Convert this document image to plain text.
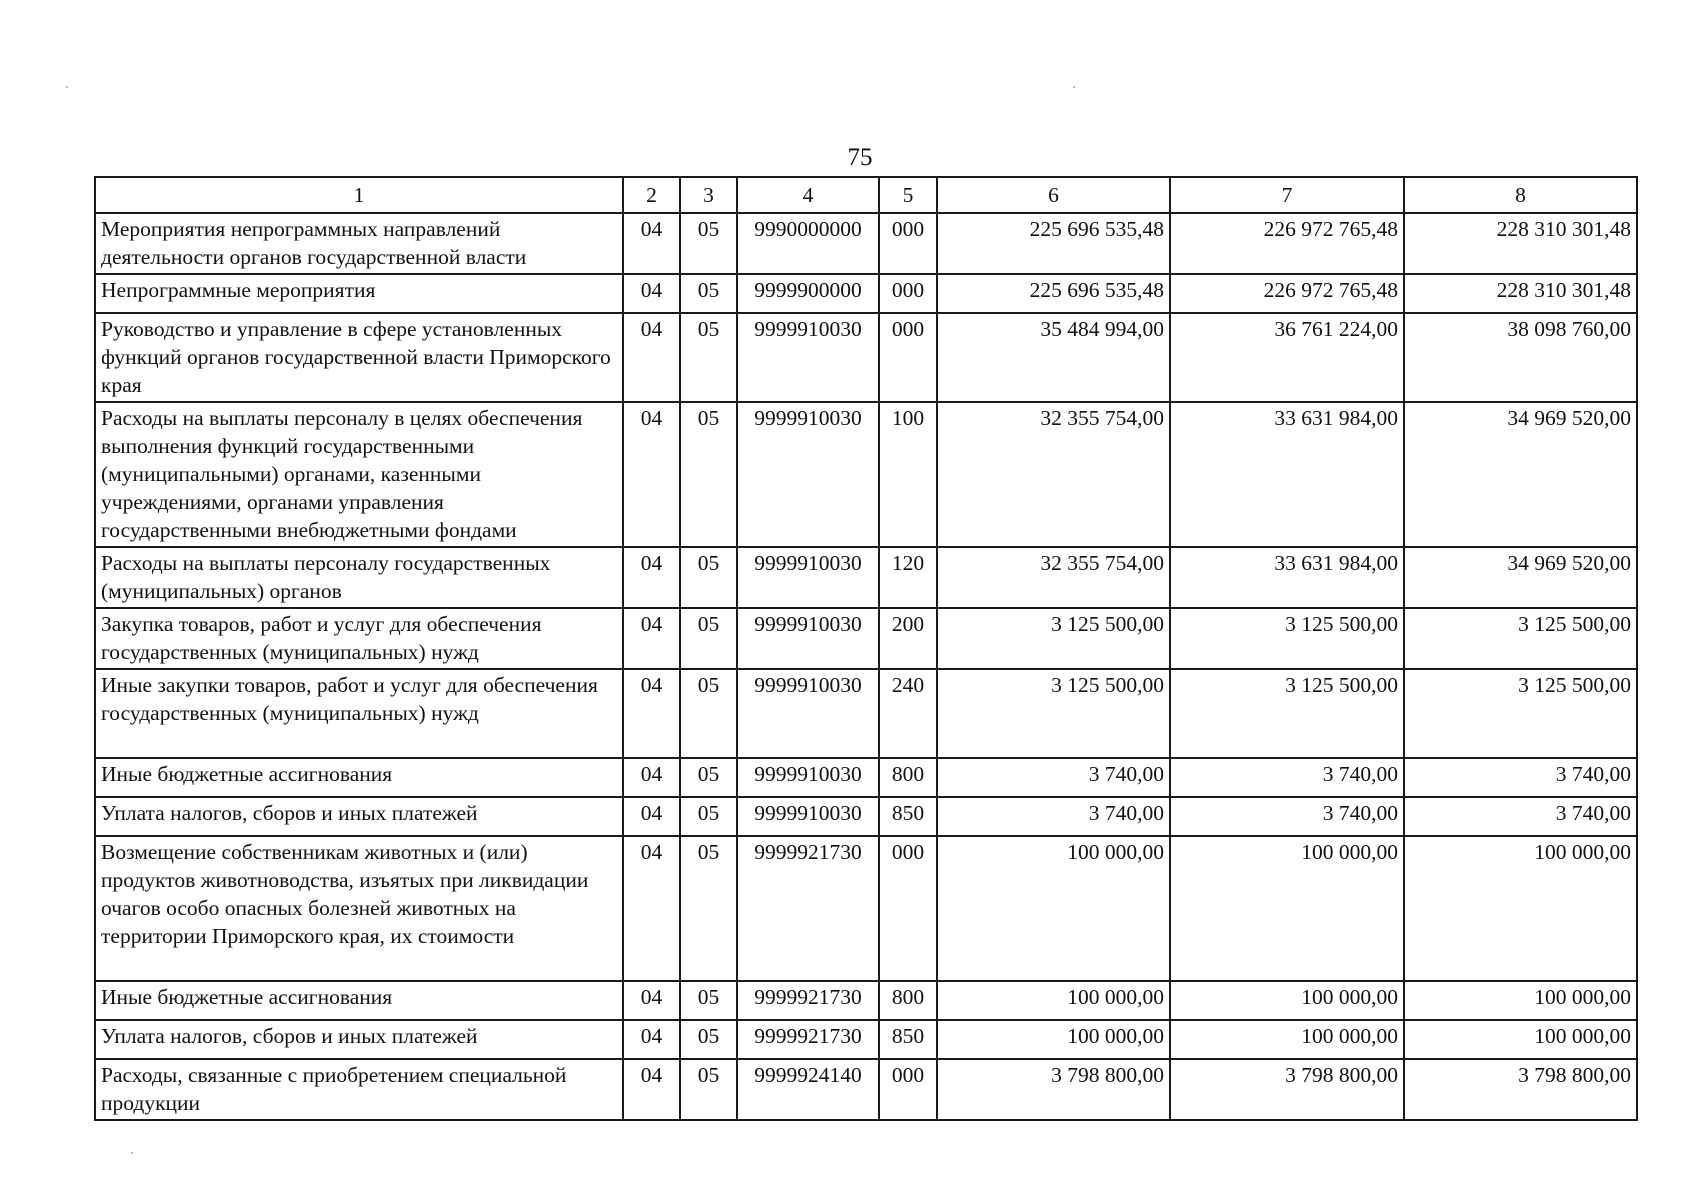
75
1	2	3	4	5	6	7	8
Мероприятия непрограммных направлений деятельности органов государственной власти	04	05	9990000000	000	225 696 535,48	226 972 765,48	228 310 301,48
Непрограммные мероприятия	04	05	9999900000	000	225 696 535,48	226 972 765,48	228 310 301,48
Руководство и управление в сфере установленных функций органов государственной власти Приморского края	04	05	9999910030	000	35 484 994,00	36 761 224,00	38 098 760,00
Расходы на выплаты персоналу в целях обеспечения выполнения функций государственными (муниципальными) органами, казенными учреждениями, органами управления государственными внебюджетными фондами	04	05	9999910030	100	32 355 754,00	33 631 984,00	34 969 520,00
Расходы на выплаты персоналу государственных (муниципальных) органов	04	05	9999910030	120	32 355 754,00	33 631 984,00	34 969 520,00
Закупка товаров, работ и услуг для обеспечения государственных (муниципальных) нужд	04	05	9999910030	200	3 125 500,00	3 125 500,00	3 125 500,00
Иные закупки товаров, работ и услуг для обеспечения государственных (муниципальных) нужд	04	05	9999910030	240	3 125 500,00	3 125 500,00	3 125 500,00
Иные бюджетные ассигнования	04	05	9999910030	800	3 740,00	3 740,00	3 740,00
Уплата налогов, сборов и иных платежей	04	05	9999910030	850	3 740,00	3 740,00	3 740,00
Возмещение собственникам животных и (или) продуктов животноводства, изъятых при ликвидации очагов особо опасных болезней животных на территории Приморского края, их стоимости	04	05	9999921730	000	100 000,00	100 000,00	100 000,00
Иные бюджетные ассигнования	04	05	9999921730	800	100 000,00	100 000,00	100 000,00
Уплата налогов, сборов и иных платежей	04	05	9999921730	850	100 000,00	100 000,00	100 000,00
Расходы, связанные с приобретением специальной продукции	04	05	9999924140	000	3 798 800,00	3 798 800,00	3 798 800,00
